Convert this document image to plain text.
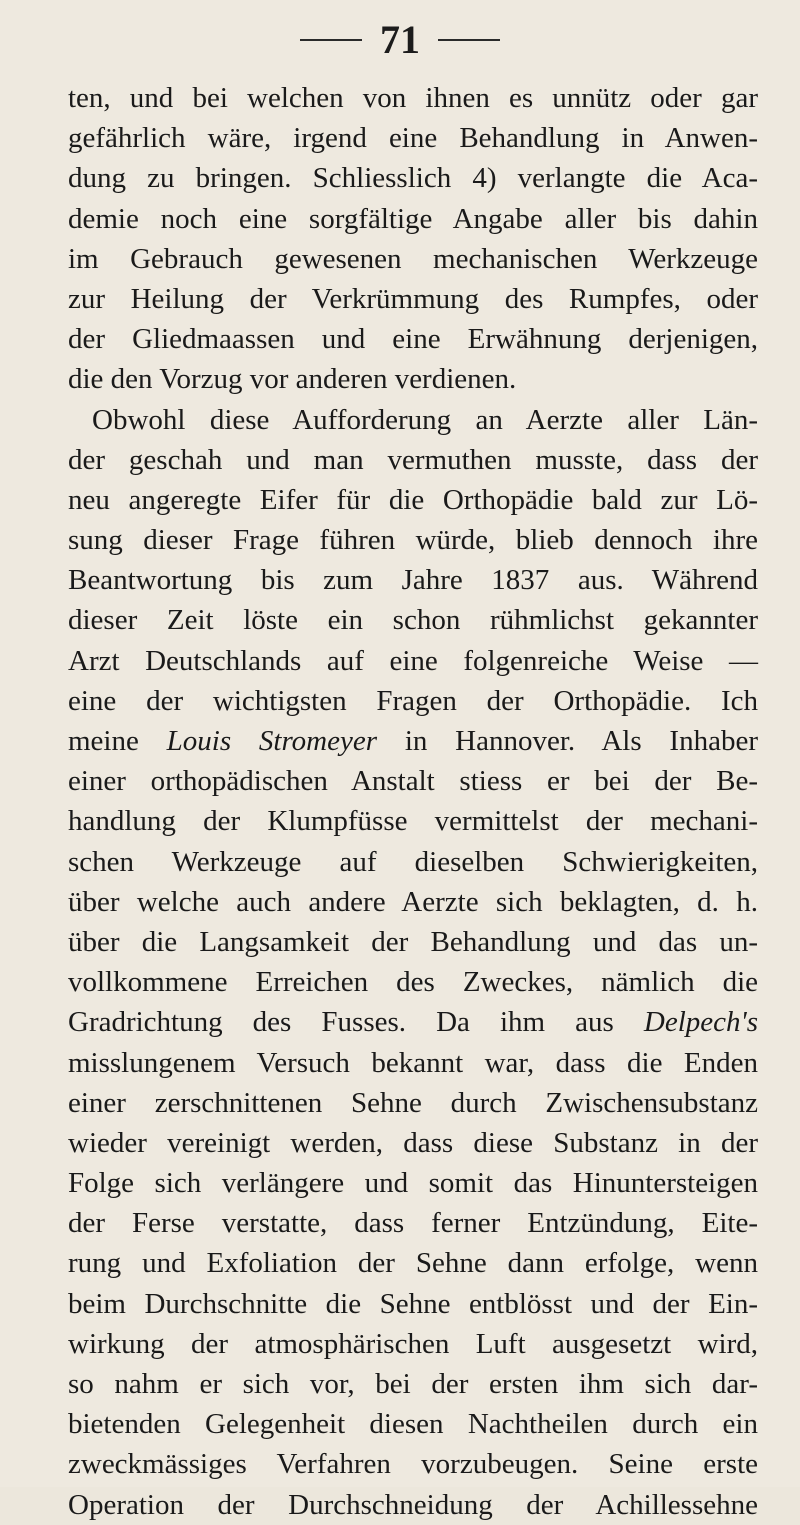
71
ten, und bei welchen von ihnen es unnütz oder gar
gefährlich wäre, irgend eine Behandlung in Anwen-
dung zu bringen. Schliesslich 4) verlangte die Aca-
demie noch eine sorgfältige Angabe aller bis dahin
im Gebrauch gewesenen mechanischen Werkzeuge
zur Heilung der Verkrümmung des Rumpfes, oder
der Gliedmaassen und eine Erwähnung derjenigen,
die den Vorzug vor anderen verdienen.
Obwohl diese Aufforderung an Aerzte aller Län-
der geschah und man vermuthen musste, dass der
neu angeregte Eifer für die Orthopädie bald zur Lö-
sung dieser Frage führen würde, blieb dennoch ihre
Beantwortung bis zum Jahre 1837 aus. Während
dieser Zeit löste ein schon rühmlichst gekannter
Arzt Deutschlands auf eine folgenreiche Weise —
eine der wichtigsten Fragen der Orthopädie. Ich
meine Louis Stromeyer in Hannover. Als Inhaber
einer orthopädischen Anstalt stiess er bei der Be-
handlung der Klumpfüsse vermittelst der mechani-
schen Werkzeuge auf dieselben Schwierigkeiten,
über welche auch andere Aerzte sich beklagten, d. h.
über die Langsamkeit der Behandlung und das un-
vollkommene Erreichen des Zweckes, nämlich die
Gradrichtung des Fusses. Da ihm aus Delpech's
misslungenem Versuch bekannt war, dass die Enden
einer zerschnittenen Sehne durch Zwischensubstanz
wieder vereinigt werden, dass diese Substanz in der
Folge sich verlängere und somit das Hinuntersteigen
der Ferse verstatte, dass ferner Entzündung, Eite-
rung und Exfoliation der Sehne dann erfolge, wenn
beim Durchschnitte die Sehne entblösst und der Ein-
wirkung der atmosphärischen Luft ausgesetzt wird,
so nahm er sich vor, bei der ersten ihm sich dar-
bietenden Gelegenheit diesen Nachtheilen durch ein
zweckmässiges Verfahren vorzubeugen. Seine erste
Operation der Durchschneidung der Achillessehne
